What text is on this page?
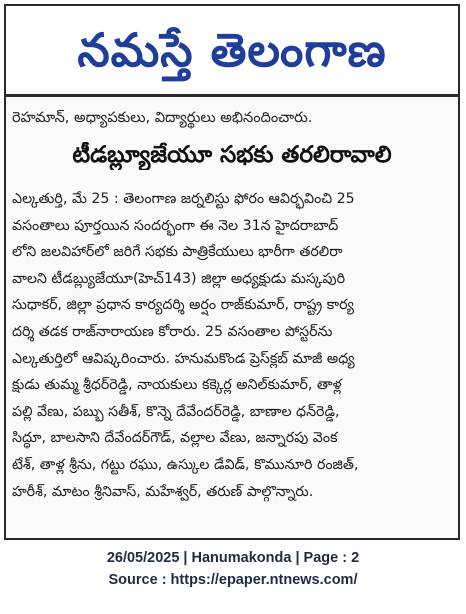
నమస్తే తెలంగాణ
రెహమాన్, అధ్యాపకులు, విద్యార్థులు అభినందించారు.
టీడబ్ల్యూజేయూ సభకు తరలిరావాలి
ఎల్కతుర్తి, మే 25 : తెలంగాణ జర్నలిస్టు ఫోరం ఆవిర్భవించి 25
వసంతాలు పూర్తయిన సందర్భంగా ఈ నెల 31న హైదరాబాద్
లోని జలవిహార్‌లో జరిగే సభకు పాత్రికేయులు భారీగా తరలిరా
వాలని టీడబ్ల్యుజేయూ(హెచ్143) జిల్లా అధ్యక్షుడు మస్కపురి
సుధాకర్, జిల్లా ప్రధాన కార్యదర్శి అర్షం రాజ్‌కుమార్, రాష్ట్ర కార్య
దర్శి తడక రాజ్‌నారాయణ కోరారు. 25 వసంతాల పోస్టర్‌ను
ఎల్కతుర్తిలో ఆవిష్కరించారు. హనుమకొండ ప్రెస్‌క్లబ్ మాజీ అధ్య
క్షుడు తుమ్మ శ్రీధర్‌రెడ్డి, నాయకులు కక్కెర్ల అనిల్‌కుమార్, తాళ్ల
పల్లి వేణు, పబ్బు సతీశ్, కొన్నె దేవేందర్‌రెడ్డి, బాణాల ధన్‌రెడ్డి,
సిద్ధూ, బాలసాని దేవేందర్‌గౌడ్, వల్లాల వేణు, జన్నారపు వెంక
టేశ్, తాళ్ల శ్రీను, గట్టు రఘు, ఉస్కుల డేవిడ్, కొమునూరి రంజిత్,
హరీశ్, మాటం శ్రీనివాస్, మహేశ్వర్, తరుణ్ పాల్గొన్నారు.
26/05/2025 | Hanumakonda | Page : 2
Source : https://epaper.ntnews.com/
